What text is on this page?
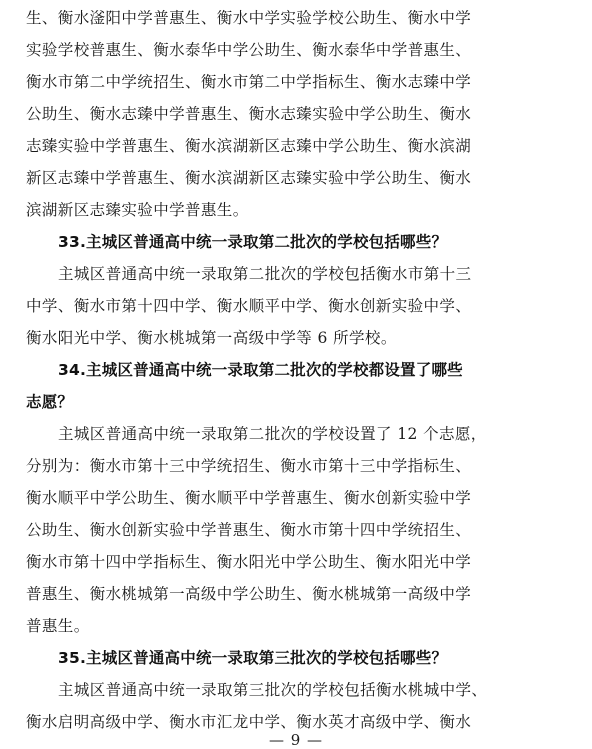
生、衡水滏阳中学普惠生、衡水中学实验学校公助生、衡水中学
实验学校普惠生、衡水泰华中学公助生、衡水泰华中学普惠生、
衡水市第二中学统招生、衡水市第二中学指标生、衡水志臻中学
公助生、衡水志臻中学普惠生、衡水志臻实验中学公助生、衡水
志臻实验中学普惠生、衡水滨湖新区志臻中学公助生、衡水滨湖
新区志臻中学普惠生、衡水滨湖新区志臻实验中学公助生、衡水
滨湖新区志臻实验中学普惠生。
33.主城区普通高中统一录取第二批次的学校包括哪些？
主城区普通高中统一录取第二批次的学校包括衡水市第十三
中学、衡水市第十四中学、衡水顺平中学、衡水创新实验中学、
衡水阳光中学、衡水桃城第一高级中学等 6 所学校。
34.主城区普通高中统一录取第二批次的学校都设置了哪些
志愿？
主城区普通高中统一录取第二批次的学校设置了 12 个志愿，
分别为：衡水市第十三中学统招生、衡水市第十三中学指标生、
衡水顺平中学公助生、衡水顺平中学普惠生、衡水创新实验中学
公助生、衡水创新实验中学普惠生、衡水市第十四中学统招生、
衡水市第十四中学指标生、衡水阳光中学公助生、衡水阳光中学
普惠生、衡水桃城第一高级中学公助生、衡水桃城第一高级中学
普惠生。
35.主城区普通高中统一录取第三批次的学校包括哪些？
主城区普通高中统一录取第三批次的学校包括衡水桃城中学、
衡水启明高级中学、衡水市汇龙中学、衡水英才高级中学、衡水
— 9 —
